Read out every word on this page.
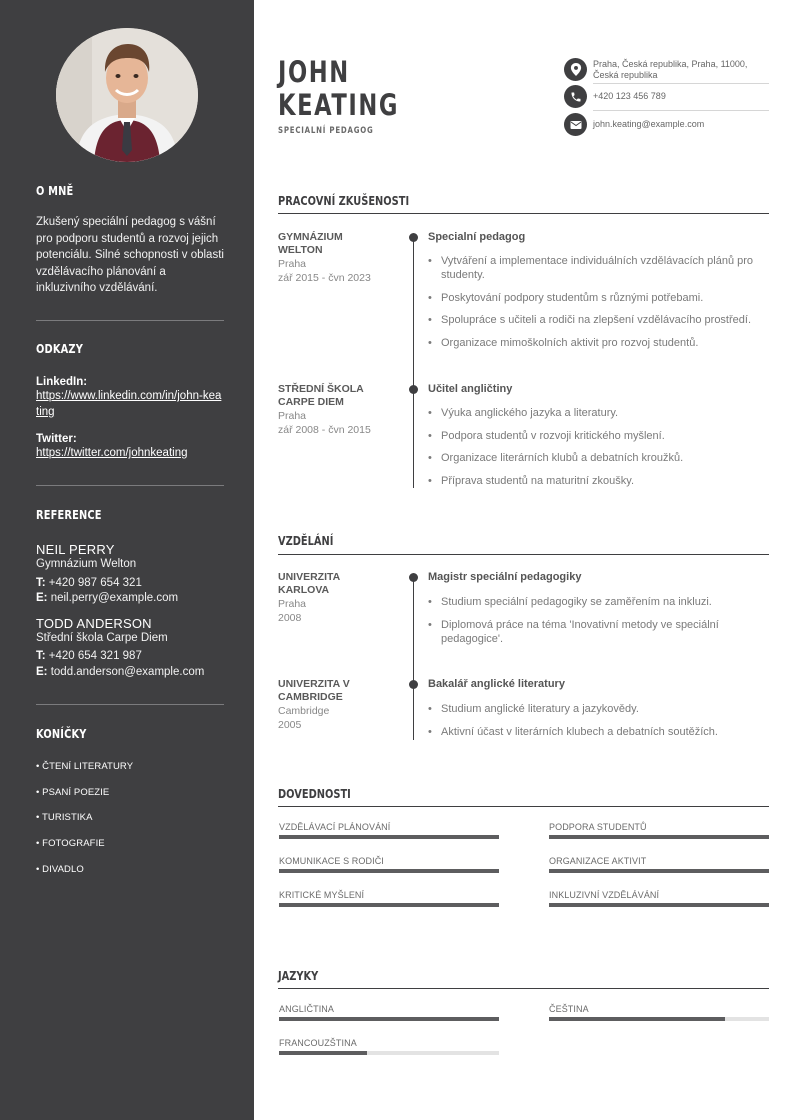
O MNĚ
Zkušený speciální pedagog s vášní pro podporu studentů a rozvoj jejich potenciálu. Silné schopnosti v oblasti vzdělávacího plánování a inkluzivního vzdělávání.
ODKAZY
LinkedIn:
https://www.linkedin.com/in/john-keating
Twitter:
https://twitter.com/johnkeating
REFERENCE
NEIL PERRY
Gymnázium Welton
T: +420 987 654 321
E: neil.perry@example.com
TODD ANDERSON
Střední škola Carpe Diem
T: +420 654 321 987
E: todd.anderson@example.com
KONÍČKY
• ČTENÍ LITERATURY
• PSANÍ POEZIE
• TURISTIKA
• FOTOGRAFIE
• DIVADLO
JOHN
KEATING
SPECIALNÍ PEDAGOG
Praha, Česká republika, Praha, 11000, Česká republika
+420 123 456 789
john.keating@example.com
PRACOVNÍ ZKUŠENOSTI
GYMNÁZIUM WELTON
Praha
zář 2015 - čvn 2023
Specialní pedagog
• Vytváření a implementace individuálních vzdělávacích plánů pro studenty.
• Poskytování podpory studentům s různými potřebami.
• Spolupráce s učiteli a rodiči na zlepšení vzdělávacího prostředí.
• Organizace mimoškolních aktivit pro rozvoj studentů.
STŘEDNÍ ŠKOLA CARPE DIEM
Praha
zář 2008 - čvn 2015
Učitel angličtiny
• Výuka anglického jazyka a literatury.
• Podpora studentů v rozvoji kritického myšlení.
• Organizace literárních klubů a debatních kroužků.
• Příprava studentů na maturitní zkoušky.
VZDĚLÁNÍ
UNIVERZITA KARLOVA
Praha
2008
Magistr speciální pedagogiky
• Studium speciální pedagogiky se zaměřením na inkluzi.
• Diplomová práce na téma 'Inovativní metody ve speciální pedagogice'.
UNIVERZITA V CAMBRIDGE
Cambridge
2005
Bakalář anglické literatury
• Studium anglické literatury a jazykovědy.
• Aktivní účast v literárních klubech a debatních soutěžích.
DOVEDNOSTI
VZDĚLÁVACÍ PLÁNOVÁNÍ	PODPORA STUDENTŮ
KOMUNIKACE S RODIČI	ORGANIZACE AKTIVIT
KRITICKÉ MYŠLENÍ	INKLUZIVNÍ VZDĚLÁVÁNÍ
JAZYKY
ANGLIČTINA	ČEŠTINA
FRANCOUZŠTINA
